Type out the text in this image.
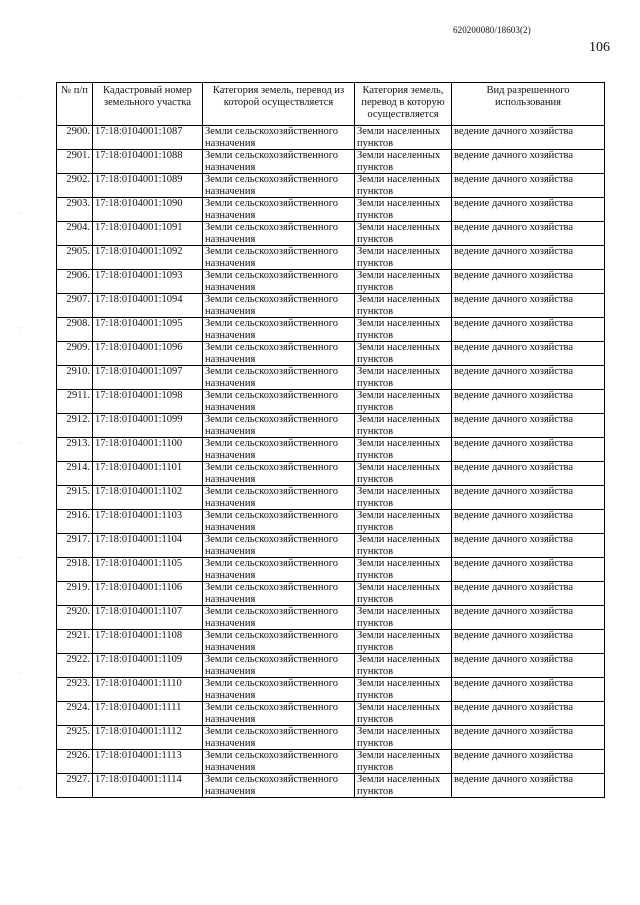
·.·
·.·
·.·
·.·
·.·
·.·
·.·
620200080/18603(2)
106
№ п/п	Кадастровый номер земельного участка	Категория земель, перевод из которой осуществляется	Категория земель, перевод в которую осуществляется	Вид разрешенного использования
2900.	17:18:0104001:1087	Земли сельскохозяйственного назначения	Земли населенных пунктов	ведение дачного хозяйства
2901.	17:18:0104001:1088	Земли сельскохозяйственного назначения	Земли населенных пунктов	ведение дачного хозяйства
2902.	17:18:0104001:1089	Земли сельскохозяйственного назначения	Земли населенных пунктов	ведение дачного хозяйства
2903.	17:18:0104001:1090	Земли сельскохозяйственного назначения	Земли населенных пунктов	ведение дачного хозяйства
2904.	17:18:0104001:1091	Земли сельскохозяйственного назначения	Земли населенных пунктов	ведение дачного хозяйства
2905.	17:18:0104001:1092	Земли сельскохозяйственного назначения	Земли населенных пунктов	ведение дачного хозяйства
2906.	17:18:0104001:1093	Земли сельскохозяйственного назначения	Земли населенных пунктов	ведение дачного хозяйства
2907.	17:18:0104001:1094	Земли сельскохозяйственного назначения	Земли населенных пунктов	ведение дачного хозяйства
2908.	17:18:0104001:1095	Земли сельскохозяйственного назначения	Земли населенных пунктов	ведение дачного хозяйства
2909.	17:18:0104001:1096	Земли сельскохозяйственного назначения	Земли населенных пунктов	ведение дачного хозяйства
2910.	17:18:0104001:1097	Земли сельскохозяйственного назначения	Земли населенных пунктов	ведение дачного хозяйства
2911.	17:18:0104001:1098	Земли сельскохозяйственного назначения	Земли населенных пунктов	ведение дачного хозяйства
2912.	17:18:0104001:1099	Земли сельскохозяйственного назначения	Земли населенных пунктов	ведение дачного хозяйства
2913.	17:18:0104001:1100	Земли сельскохозяйственного назначения	Земли населенных пунктов	ведение дачного хозяйства
2914.	17:18:0104001:1101	Земли сельскохозяйственного назначения	Земли населенных пунктов	ведение дачного хозяйства
2915.	17:18:0104001:1102	Земли сельскохозяйственного назначения	Земли населенных пунктов	ведение дачного хозяйства
2916.	17:18:0104001:1103	Земли сельскохозяйственного назначения	Земли населенных пунктов	ведение дачного хозяйства
2917.	17:18:0104001:1104	Земли сельскохозяйственного назначения	Земли населенных пунктов	ведение дачного хозяйства
2918.	17:18:0104001:1105	Земли сельскохозяйственного назначения	Земли населенных пунктов	ведение дачного хозяйства
2919.	17:18:0104001:1106	Земли сельскохозяйственного назначения	Земли населенных пунктов	ведение дачного хозяйства
2920.	17:18:0104001:1107	Земли сельскохозяйственного назначения	Земли населенных пунктов	ведение дачного хозяйства
2921.	17:18:0104001:1108	Земли сельскохозяйственного назначения	Земли населенных пунктов	ведение дачного хозяйства
2922.	17:18:0104001:1109	Земли сельскохозяйственного назначения	Земли населенных пунктов	ведение дачного хозяйства
2923.	17:18:0104001:1110	Земли сельскохозяйственного назначения	Земли населенных пунктов	ведение дачного хозяйства
2924.	17:18:0104001:1111	Земли сельскохозяйственного назначения	Земли населенных пунктов	ведение дачного хозяйства
2925.	17:18:0104001:1112	Земли сельскохозяйственного назначения	Земли населенных пунктов	ведение дачного хозяйства
2926.	17:18:0104001:1113	Земли сельскохозяйственного назначения	Земли населенных пунктов	ведение дачного хозяйства
2927.	17:18:0104001:1114	Земли сельскохозяйственного назначения	Земли населенных пунктов	ведение дачного хозяйства
